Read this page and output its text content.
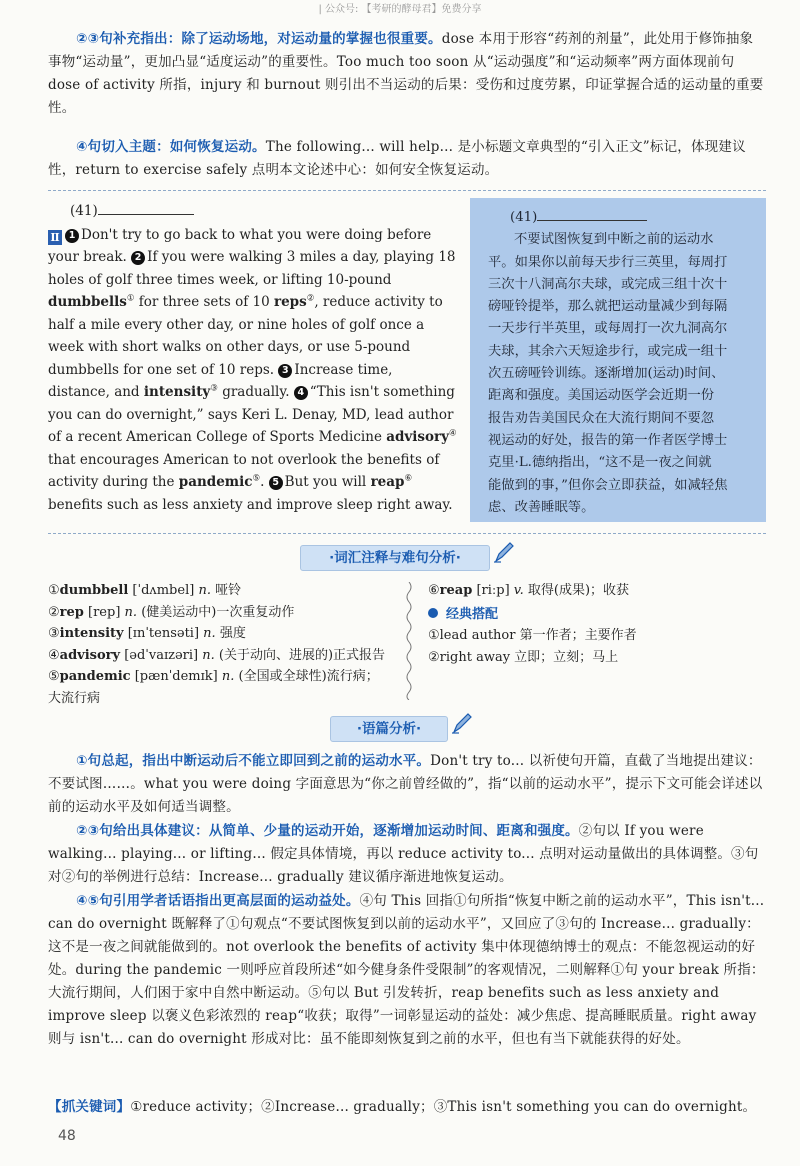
| 公众号: 【考研的酵母君】免费分享
②③句补充指出：除了运动场地，对运动量的掌握也很重要。dose 本用于形容“药剂的剂量”，此处用于修饰抽象事物“运动量”，更加凸显“适度运动”的重要性。Too much too soon 从“运动强度”和“运动频率”两方面体现前句 dose of activity 所指，injury 和 burnout 则引出不当运动的后果：受伤和过度劳累，印证掌握合适的运动量的重要性。
④句切入主题：如何恢复运动。The following... will help... 是小标题文章典型的“引入正文”标记，体现建议性，return to exercise safely 点明本文论述中心：如何安全恢复运动。
(41)
Ⅱ 1 Don't try to go back to what you were doing before your break. 2 If you were walking 3 miles a day, playing 18 holes of golf three times week, or lifting 10-pound dumbbells① for three sets of 10 reps②, reduce activity to half a mile every other day, or nine holes of golf once a week with short walks on other days, or use 5-pound dumbbells for one set of 10 reps. 3 Increase time, distance, and intensity③ gradually. 4 “This isn't something you can do overnight,” says Keri L. Denay, MD, lead author of a recent American College of Sports Medicine advisory④ that encourages American to not overlook the benefits of activity during the pandemic⑤. 5 But you will reap⑥ benefits such as less anxiety and improve sleep right away.
(41)
不要试图恢复到中断之前的运动水
平。如果你以前每天步行三英里，每周打
三次十八洞高尔夫球，或完成三组十次十
磅哑铃提举，那么就把运动量减少到每隔
一天步行半英里，或每周打一次九洞高尔
夫球，其余六天短途步行，或完成一组十
次五磅哑铃训练。逐渐增加(运动)时间、
距离和强度。美国运动医学会近期一份
报告劝告美国民众在大流行期间不要忽
视运动的好处，报告的第一作者医学博士
克里·L.德纳指出，“这不是一夜之间就
能做到的事，”但你会立即获益，如减轻焦
虑、改善睡眠等。
·词汇注释与难句分析·
①dumbbell [ˈdʌmbel] n. 哑铃
②rep [rep] n. (健美运动中)一次重复动作
③intensity [ɪnˈtensəti] n. 强度
④advisory [ədˈvaɪzəri] n. (关于动向、进展的)正式报告
⑤pandemic [pænˈdemɪk] n. (全国或全球性)流行病；
大流行病
⑥reap [riːp] v. 取得(成果)；收获
经典搭配
①lead author 第一作者；主要作者
②right away 立即；立刻；马上
·语篇分析·
①句总起，指出中断运动后不能立即回到之前的运动水平。Don't try to... 以祈使句开篇，直截了当地提出建议：不要试图……。what you were doing 字面意思为“你之前曾经做的”，指“以前的运动水平”，提示下文可能会详述以前的运动水平及如何适当调整。
②③句给出具体建议：从简单、少量的运动开始，逐渐增加运动时间、距离和强度。②句以 If you were walking... playing... or lifting... 假定具体情境，再以 reduce activity to... 点明对运动量做出的具体调整。③句对②句的举例进行总结：Increase... gradually 建议循序渐进地恢复运动。
④⑤句引用学者话语指出更高层面的运动益处。④句 This 回指①句所指“恢复中断之前的运动水平”，This isn't... can do overnight 既解释了①句观点“不要试图恢复到以前的运动水平”，又回应了③句的 Increase... gradually：这不是一夜之间就能做到的。not overlook the benefits of activity 集中体现德纳博士的观点：不能忽视运动的好处。during the pandemic 一则呼应首段所述“如今健身条件受限制”的客观情况，二则解释①句 your break 所指：大流行期间，人们困于家中自然中断运动。⑤句以 But 引发转折，reap benefits such as less anxiety and improve sleep 以褒义色彩浓烈的 reap“收获；取得”一词彰显运动的益处：减少焦虑、提高睡眠质量。right away 则与 isn't... can do overnight 形成对比：虽不能即刻恢复到之前的水平，但也有当下就能获得的好处。
【抓关键词】①reduce activity；②Increase... gradually；③This isn't something you can do overnight。
48
